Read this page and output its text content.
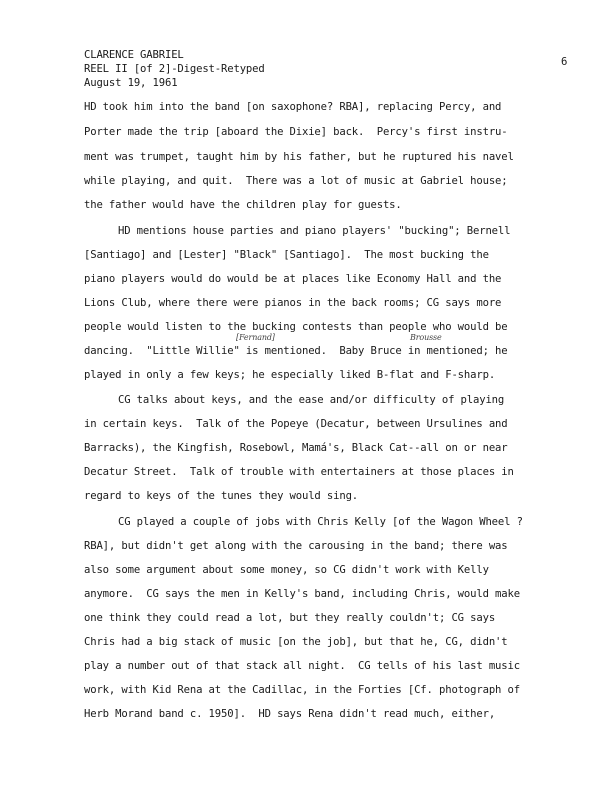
CLARENCE GABRIEL
REEL II [of 2]-Digest-Retyped
August 19, 1961
6
HD took him into the band [on saxophone? RBA], replacing Percy, and
Porter made the trip [aboard the Dixie] back.  Percy's first instru-
ment was trumpet, taught him by his father, but he ruptured his navel
while playing, and quit.  There was a lot of music at Gabriel house;
the father would have the children play for guests.
HD mentions house parties and piano players' "bucking"; Bernell
[Santiago] and [Lester] "Black" [Santiago].  The most bucking the
piano players would do would be at places like Economy Hall and the
Lions Club, where there were pianos in the back rooms; CG says more
people would listen to the bucking contests than people who would be
dancing.  "Little Willie" is mentioned.  Baby Bruce in mentioned; he
played in only a few keys; he especially liked B-flat and F-sharp.
[Fernand]	Brousse
CG talks about keys, and the ease and/or difficulty of playing
in certain keys.  Talk of the Popeye (Decatur, between Ursulines and
Barracks), the Kingfish, Rosebowl, Mamá's, Black Cat--all on or near
Decatur Street.  Talk of trouble with entertainers at those places in
regard to keys of the tunes they would sing.
CG played a couple of jobs with Chris Kelly [of the Wagon Wheel ?
RBA], but didn't get along with the carousing in the band; there was
also some argument about some money, so CG didn't work with Kelly
anymore.  CG says the men in Kelly's band, including Chris, would make
one think they could read a lot, but they really couldn't; CG says
Chris had a big stack of music [on the job], but that he, CG, didn't
play a number out of that stack all night.  CG tells of his last music
work, with Kid Rena at the Cadillac, in the Forties [Cf. photograph of
Herb Morand band c. 1950].  HD says Rena didn't read much, either,
